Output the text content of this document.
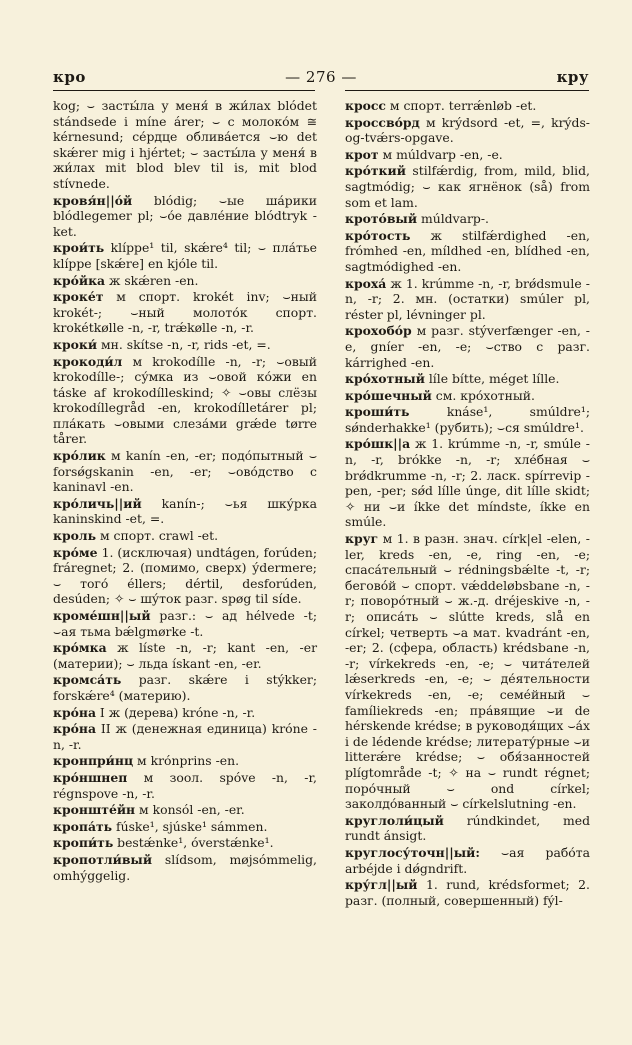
— 276 —
кро	кру
kog; ⌣ засты́ла у меня́ в жи́лах blódet stándsede i míne árer; ⌣ с молоко́м ≅ kérnesund; се́рдце облива́ется ⌣ю det skǽrer mig i hjértet; ⌣ засты́ла у меня́ в жи́лах mit blod blev til is, mit blod stívnede.
кровя́н||о́й blódig; ⌣ые ша́рики blódlegemer pl; ⌣о́е давле́ние blódtryk -ket.
крои́ть klíppe¹ til, skǽre⁴ til; ⌣ пла́тье klíppe [skǽre] en kjóle til.
кро́йка ж skǽren -en.
кроке́т м спорт. krokét inv; ⌣ный krokét-; ⌣ный молото́к спорт. krokétkølle -n, -r, trǽkølle -n, -r.
кроки́ мн. skítse -n, -r, rids -et, =.
крокоди́л м krokodílle -n, -r; ⌣овый krokodílle-; су́мка из ⌣овой ко́жи en táske af krokodílleskind; ✧ ⌣овы слёзы krokodíllegråd -en, krokodílletárer pl; пла́кать ⌣овыми слеза́ми grǽde tørre tårer.
кро́лик м kanín -en, -er; подо́пытный ⌣ forsǿgskanin -en, -er; ⌣ово́дство с kaninavl -en.
кро́личь||ий kanín-; ⌣ья шку́рка kaninskind -et, =.
кроль м спорт. crawl -et.
кро́ме 1. (исключая) undtágen, forúden; fráregnet; 2. (помимо, сверх) ýdermere; ⌣ того́ éllers; dértil, desforúden, desúden; ✧ ⌣ шу́ток разг. spøg til síde.
кроме́шн||ый разг.: ⌣ ад hélvede -t; ⌣ая тьма bǽlgmørke -t.
кро́мка ж líste -n, -r; kant -en, -er (материи); ⌣ льда ískant -en, -er.
кромса́ть разг. skǽre i stýkker; forskǽre⁴ (материю).
кро́на I ж (дерева) króne -n, -r.
кро́на II ж (денежная единица) króne -n, -r.
кронпри́нц м krónprins -en.
кро́ншнеп м зоол. spóve -n, -r, régnspove -n, -r.
кронште́йн м konsól -en, -er.
кропа́ть fúske¹, sjúske¹ sámmen.
кропи́ть bestǽnke¹, óverstǽnke¹.
кропотли́вый slídsom, møjsómmelig, omhýggelig.
кросс м спорт. terrǽnløb -et.
кроссво́рд м krýdsord -et, =, krýds-og-tvǽrs-opgave.
крот м múldvarp -en, -e.
кро́ткий stilfǽrdig, from, mild, blid, sagtmódig; ⌣ как ягнёнок (så) from som et lam.
кротóвый múldvarp-.
кро́тость ж stilfǽrdighed -en, frómhed -en, míldhed -en, blídhed -en, sagtmódighed -en.
кроха́ ж 1. krúmme -n, -r, brǿdsmule -n, -r; 2. мн. (остатки) smúler pl, réster pl, lévninger pl.
крохобо́р м разг. stýverfænger -en, -e, gníer -en, -e; ⌣ство с разг. kárrighed -en.
кро́хотный líle bítte, méget lílle.
кро́шечный см. кро́хотный.
кроши́ть knáse¹, smúldre¹; sǿnderhakke¹ (рубить); ⌣ся smúldre¹.
кро́шк||а ж 1. krúmme -n, -r, smúle -n, -r, brókke -n, -r; хле́бная ⌣ brǿdkrumme -n, -r; 2. ласк. spírrevip -pen, -per; sǿd lílle únge, dit lílle skidt; ✧ ни ⌣и íkke det míndste, íkke en smúle.
круг м 1. в разн. знач. círk|el -elen, -ler, kreds -en, -e, ring -en, -e; спаса́тельный ⌣ rédningsbǽlte -t, -r; бегово́й ⌣ спорт. vǽddeløbsbane -n, -r; поворо́тный ⌣ ж.-д. dréjeskive -n, -r; описа́ть ⌣ slútte kreds, slå en církel; четверть ⌣а мат. kvadránt -en, -er; 2. (сфера, область) krédsbane -n, -r; vírkekreds -en, -e; ⌣ чита́телей lǽserkreds -en, -e; ⌣ де́ятельности vírkekreds -en, -e; семе́йный ⌣ famíliekreds -en; пра́вящие ⌣и de hérskende krédse; в руководя́щих ⌣а́х i de lédende krédse; литерату́рные ⌣и litterǽre krédse; ⌣ обя́занностей plígtområde -t; ✧ на ⌣ rundt régnet; поро́чный ⌣ ond církel; заколдо́ванный ⌣ církelslutning -en.
круглоли́цый rúndkindet, med rundt ánsigt.
круглосу́точн||ый: ⌣ая рабо́та arbéjde i dǿgndrift.
кру́гл||ый 1. rund, krédsformet; 2. разг. (полный, совершенный) fýl-
